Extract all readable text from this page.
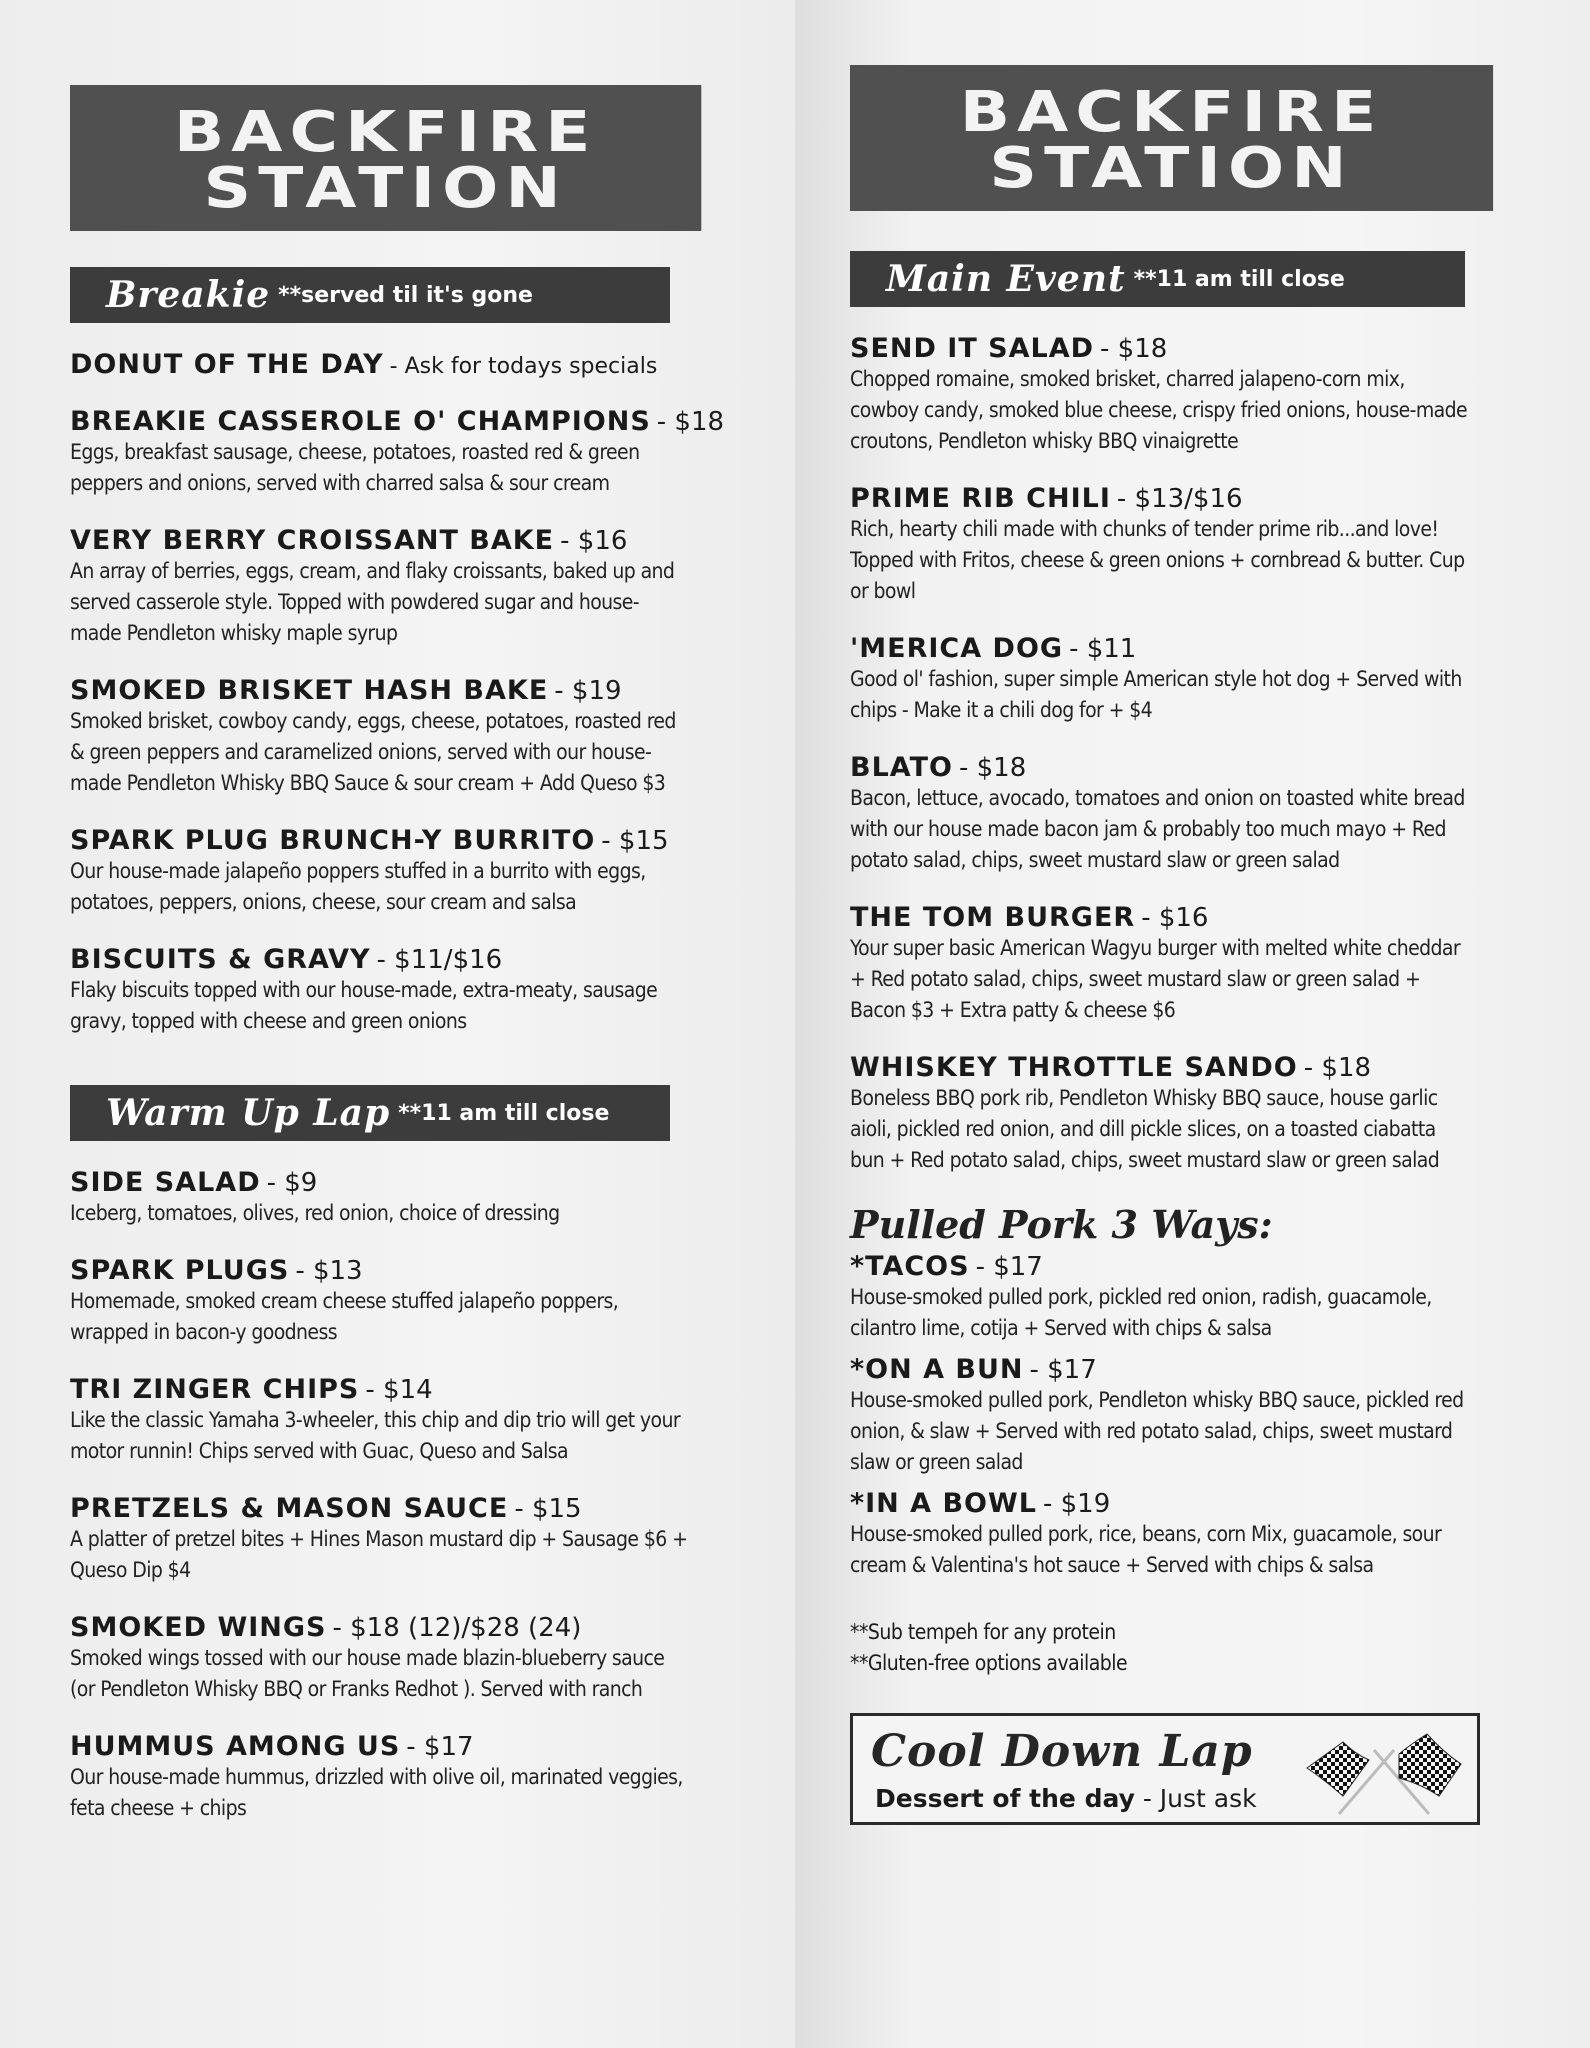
BACKFIRE
STATION
Breakie **served til it's gone
DONUT OF THE DAY - Ask for todays specials
BREAKIE CASSEROLE O' CHAMPIONS - $18
Eggs, breakfast sausage, cheese, potatoes, roasted red & green peppers and onions, served with charred salsa & sour cream
VERY BERRY CROISSANT BAKE - $16
An array of berries, eggs, cream, and flaky croissants, baked up and served casserole style. Topped with powdered sugar and house-made Pendleton whisky maple syrup
SMOKED BRISKET HASH BAKE - $19
Smoked brisket, cowboy candy, eggs, cheese, potatoes, roasted red & green peppers and caramelized onions, served with our house-made Pendleton Whisky BBQ Sauce & sour cream + Add Queso $3
SPARK PLUG BRUNCH-Y BURRITO - $15
Our house-made jalapeño poppers stuffed in a burrito with eggs, potatoes, peppers, onions, cheese, sour cream and salsa
BISCUITS & GRAVY - $11/$16
Flaky biscuits topped with our house-made, extra-meaty, sausage gravy, topped with cheese and green onions
Warm Up Lap **11 am till close
SIDE SALAD - $9
Iceberg, tomatoes, olives, red onion, choice of dressing
SPARK PLUGS - $13
Homemade, smoked cream cheese stuffed jalapeño poppers, wrapped in bacon-y goodness
TRI ZINGER CHIPS - $14
Like the classic Yamaha 3-wheeler, this chip and dip trio will get your motor runnin! Chips served with Guac, Queso and Salsa
PRETZELS & MASON SAUCE - $15
A platter of pretzel bites + Hines Mason mustard dip + Sausage $6 + Queso Dip $4
SMOKED WINGS - $18 (12)/$28 (24)
Smoked wings tossed with our house made blazin-blueberry sauce (or Pendleton Whisky BBQ or Franks Redhot ). Served with ranch
HUMMUS AMONG US - $17
Our house-made hummus, drizzled with olive oil, marinated veggies, feta cheese + chips
BACKFIRE
STATION
Main Event **11 am till close
SEND IT SALAD - $18
Chopped romaine, smoked brisket, charred jalapeno-corn mix, cowboy candy, smoked blue cheese, crispy fried onions, house-made croutons, Pendleton whisky BBQ vinaigrette
PRIME RIB CHILI - $13/$16
Rich, hearty chili made with chunks of tender prime rib...and love! Topped with Fritos, cheese & green onions + cornbread & butter. Cup or bowl
'MERICA DOG - $11
Good ol' fashion, super simple American style hot dog + Served with chips - Make it a chili dog for + $4
BLATO - $18
Bacon, lettuce, avocado, tomatoes and onion on toasted white bread with our house made bacon jam & probably too much mayo + Red potato salad, chips, sweet mustard slaw or green salad
THE TOM BURGER - $16
Your super basic American Wagyu burger with melted white cheddar + Red potato salad, chips, sweet mustard slaw or green salad + Bacon $3 + Extra patty & cheese $6
WHISKEY THROTTLE SANDO - $18
Boneless BBQ pork rib, Pendleton Whisky BBQ sauce, house garlic aioli, pickled red onion, and dill pickle slices, on a toasted ciabatta bun + Red potato salad, chips, sweet mustard slaw or green salad
Pulled Pork 3 Ways:
*TACOS - $17
House-smoked pulled pork, pickled red onion, radish, guacamole, cilantro lime, cotija + Served with chips & salsa
*ON A BUN - $17
House-smoked pulled pork, Pendleton whisky BBQ sauce, pickled red onion, & slaw + Served with red potato salad, chips, sweet mustard slaw or green salad
*IN A BOWL - $19
House-smoked pulled pork, rice, beans, corn Mix, guacamole, sour cream & Valentina's hot sauce + Served with chips & salsa
**Sub tempeh for any protein
**Gluten-free options available
Cool Down Lap
Dessert of the day - Just ask
